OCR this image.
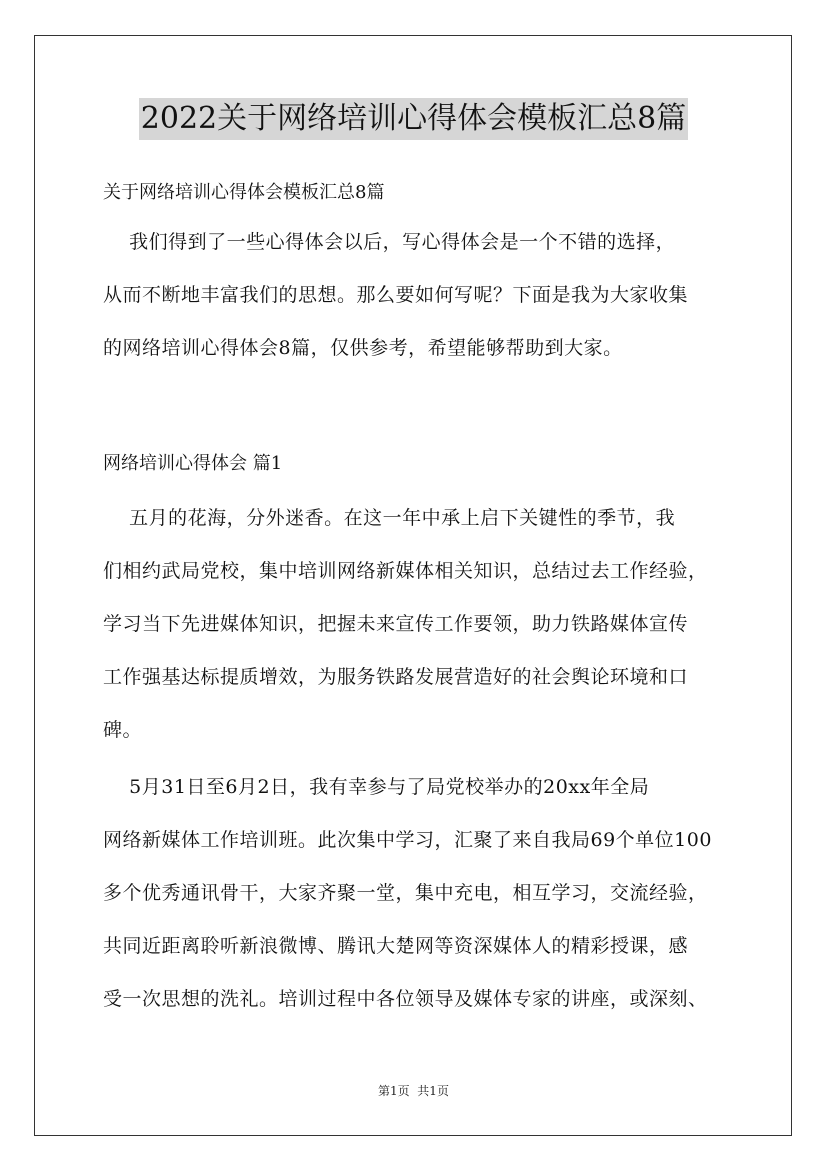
2022关于网络培训心得体会模板汇总8篇
关于网络培训心得体会模板汇总8篇
我们得到了一些心得体会以后，写心得体会是一个不错的选择，
从而不断地丰富我们的思想。那么要如何写呢？下面是我为大家收集
的网络培训心得体会8篇，仅供参考，希望能够帮助到大家。
网络培训心得体会 篇1
五月的花海，分外迷香。在这一年中承上启下关键性的季节，我
们相约武局党校，集中培训网络新媒体相关知识，总结过去工作经验，
学习当下先进媒体知识，把握未来宣传工作要领，助力铁路媒体宣传
工作强基达标提质增效，为服务铁路发展营造好的社会舆论环境和口
碑。
5月31日至6月2日，我有幸参与了局党校举办的20xx年全局
网络新媒体工作培训班。此次集中学习，汇聚了来自我局69个单位100
多个优秀通讯骨干，大家齐聚一堂，集中充电，相互学习，交流经验，
共同近距离聆听新浪微博、腾讯大楚网等资深媒体人的精彩授课，感
受一次思想的洗礼。培训过程中各位领导及媒体专家的讲座，或深刻、
第1页  共1页
